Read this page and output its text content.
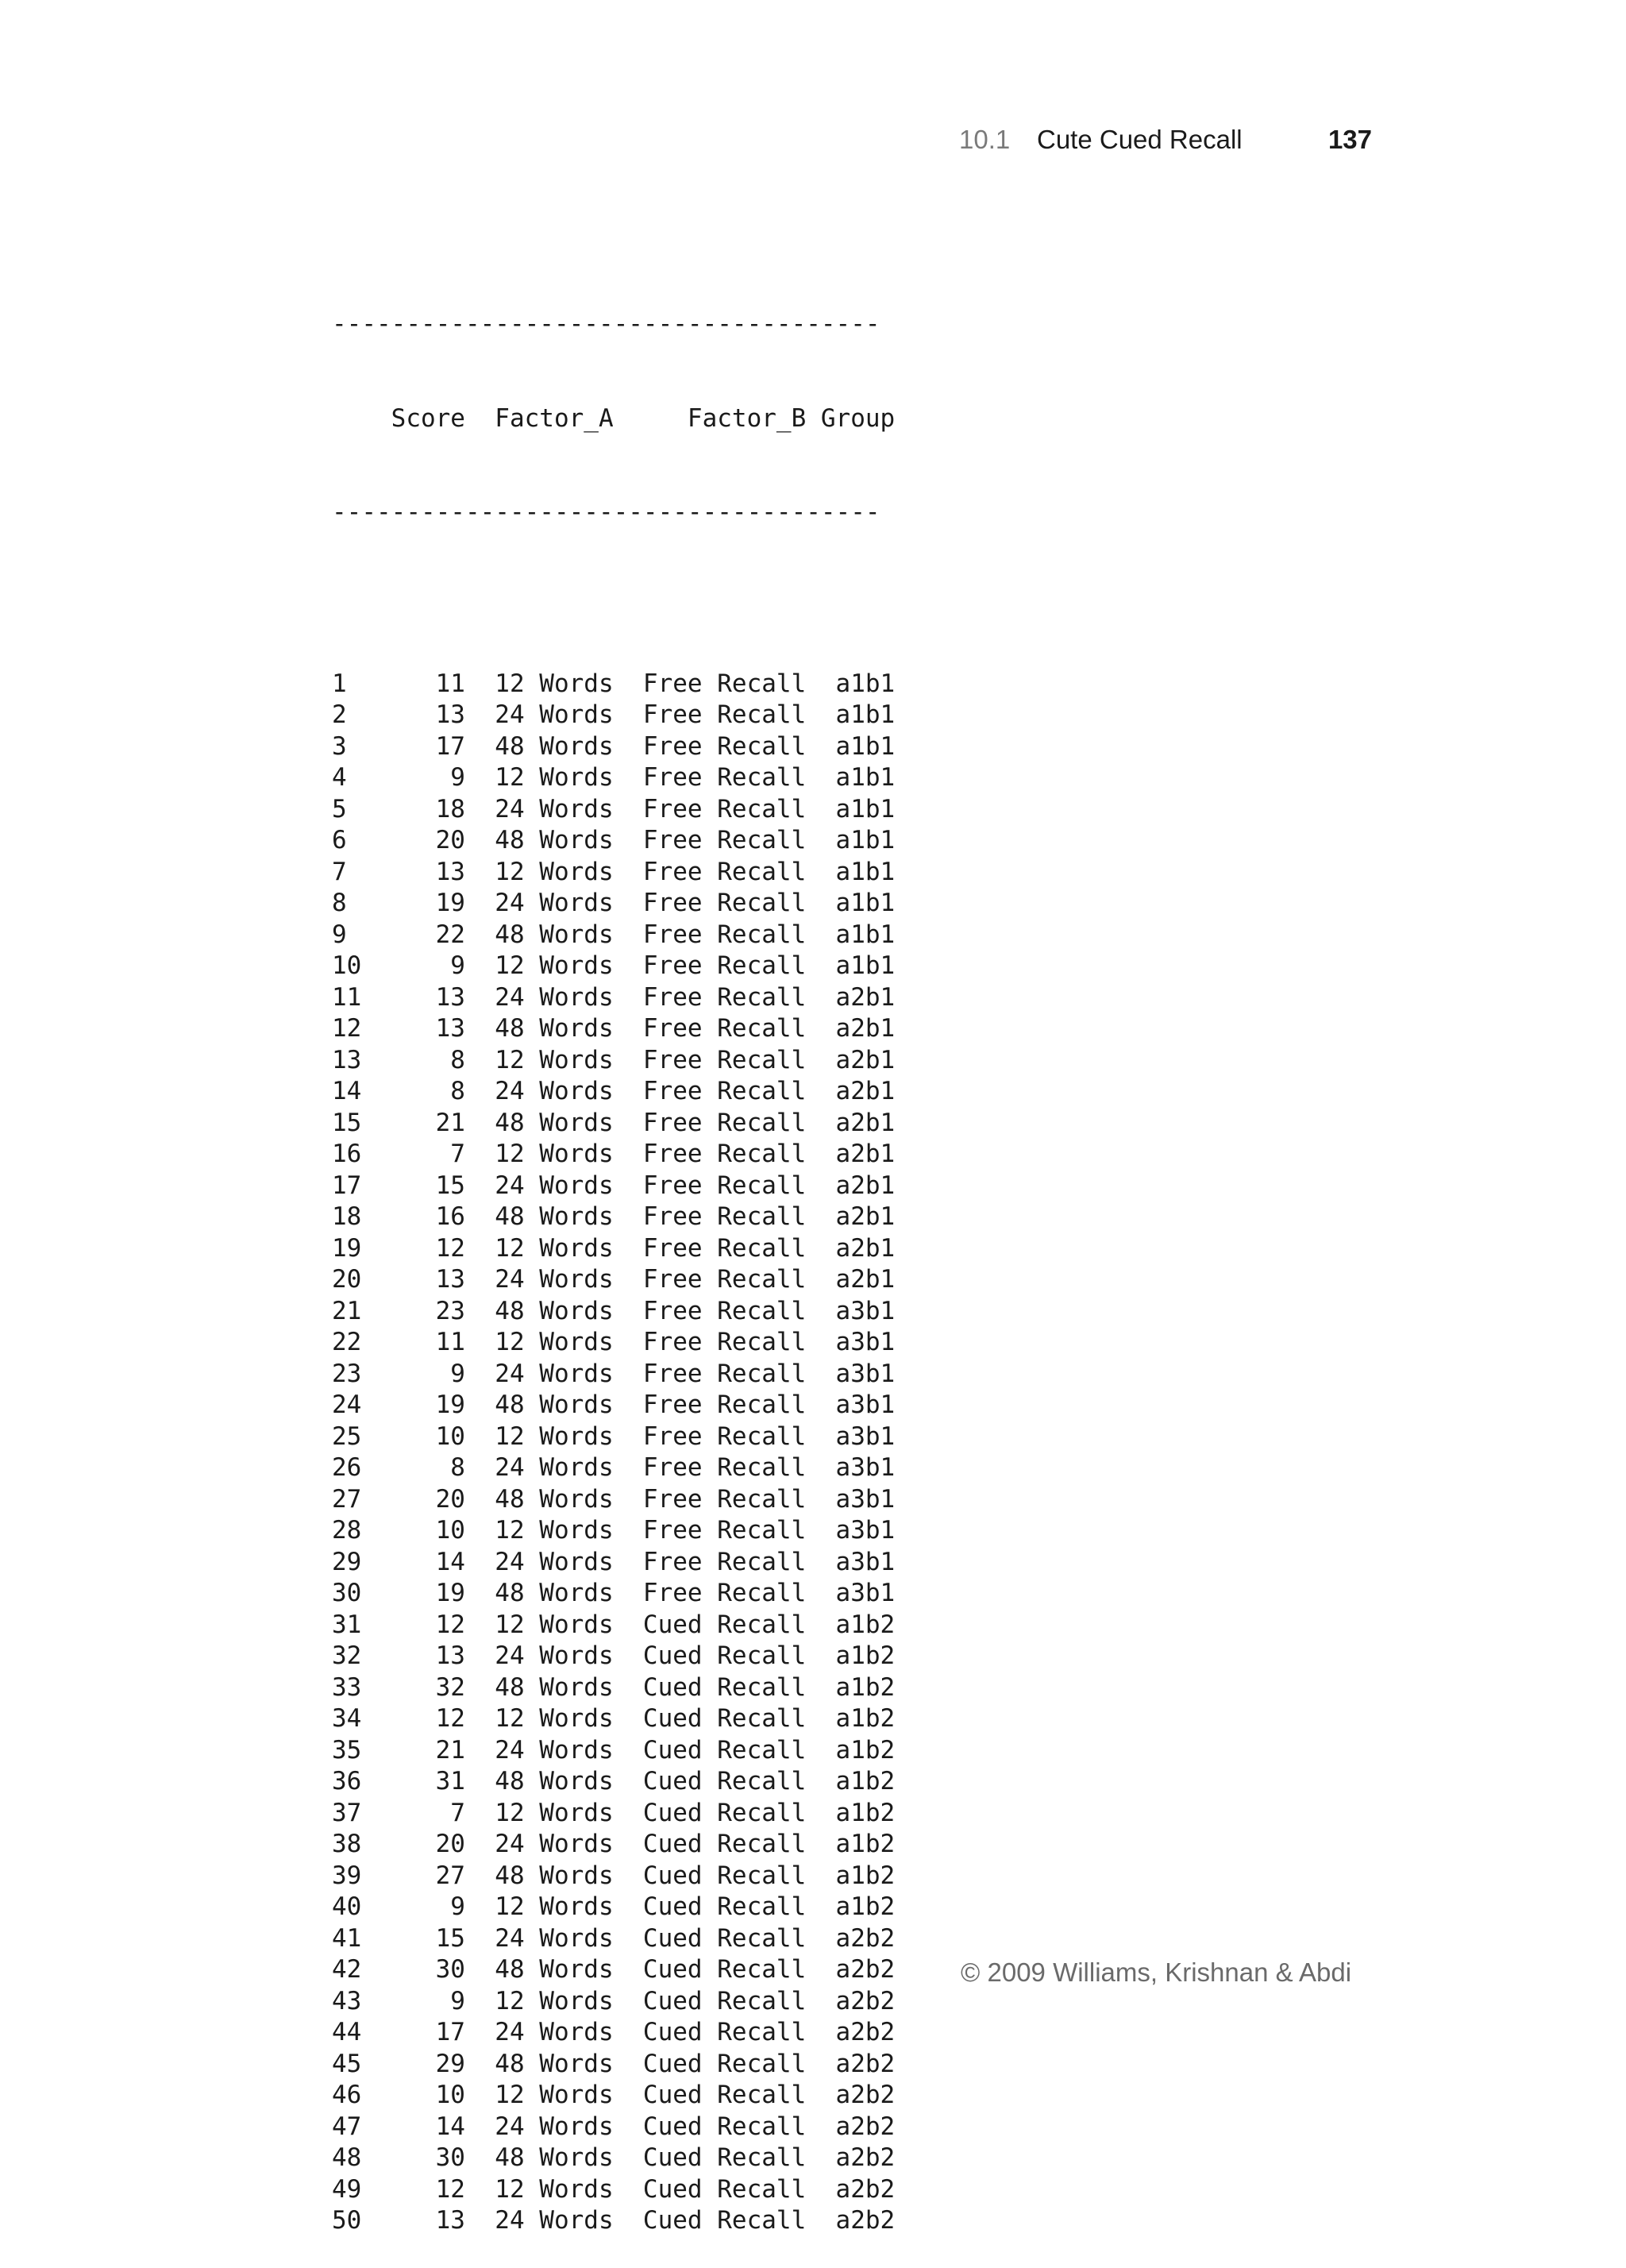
10.1 Cute Cued Recall	137

-------------------------------------

Score  Factor_A     Factor_B Group

-------------------------------------

1      11  12 Words  Free Recall  a1b1
2      13  24 Words  Free Recall  a1b1
3      17  48 Words  Free Recall  a1b1
4       9  12 Words  Free Recall  a1b1
5      18  24 Words  Free Recall  a1b1
6      20  48 Words  Free Recall  a1b1
7      13  12 Words  Free Recall  a1b1
8      19  24 Words  Free Recall  a1b1
9      22  48 Words  Free Recall  a1b1
10      9  12 Words  Free Recall  a1b1
11     13  24 Words  Free Recall  a2b1
12     13  48 Words  Free Recall  a2b1
13      8  12 Words  Free Recall  a2b1
14      8  24 Words  Free Recall  a2b1
15     21  48 Words  Free Recall  a2b1
16      7  12 Words  Free Recall  a2b1
17     15  24 Words  Free Recall  a2b1
18     16  48 Words  Free Recall  a2b1
19     12  12 Words  Free Recall  a2b1
20     13  24 Words  Free Recall  a2b1
21     23  48 Words  Free Recall  a3b1
22     11  12 Words  Free Recall  a3b1
23      9  24 Words  Free Recall  a3b1
24     19  48 Words  Free Recall  a3b1
25     10  12 Words  Free Recall  a3b1
26      8  24 Words  Free Recall  a3b1
27     20  48 Words  Free Recall  a3b1
28     10  12 Words  Free Recall  a3b1
29     14  24 Words  Free Recall  a3b1
30     19  48 Words  Free Recall  a3b1
31     12  12 Words  Cued Recall  a1b2
32     13  24 Words  Cued Recall  a1b2
33     32  48 Words  Cued Recall  a1b2
34     12  12 Words  Cued Recall  a1b2
35     21  24 Words  Cued Recall  a1b2
36     31  48 Words  Cued Recall  a1b2
37      7  12 Words  Cued Recall  a1b2
38     20  24 Words  Cued Recall  a1b2
39     27  48 Words  Cued Recall  a1b2
40      9  12 Words  Cued Recall  a1b2
41     15  24 Words  Cued Recall  a2b2
42     30  48 Words  Cued Recall  a2b2
43      9  12 Words  Cued Recall  a2b2
44     17  24 Words  Cued Recall  a2b2
45     29  48 Words  Cued Recall  a2b2
46     10  12 Words  Cued Recall  a2b2
47     14  24 Words  Cued Recall  a2b2
48     30  48 Words  Cued Recall  a2b2
49     12  12 Words  Cued Recall  a2b2
50     13  24 Words  Cued Recall  a2b2

© 2009 Williams, Krishnan & Abdi
